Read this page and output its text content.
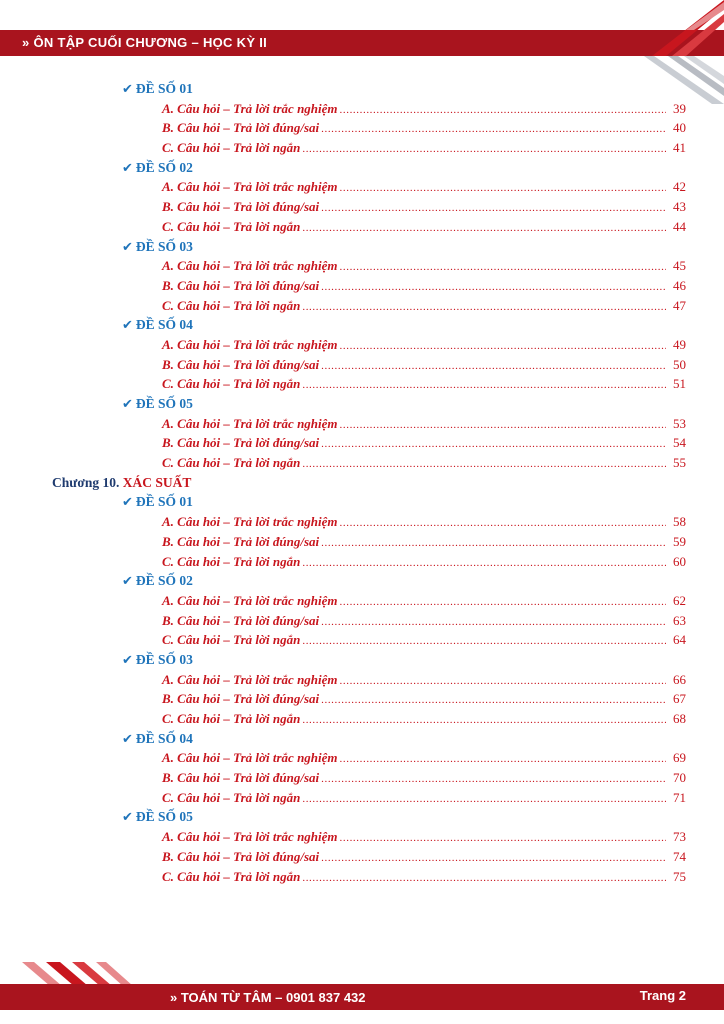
» ÔN TẬP CUỐI CHƯƠNG – HỌC KỲ II
✔ ĐỀ SỐ 01
A. Câu hỏi – Trả lời trắc nghiệm .....	39
B. Câu hỏi – Trả lời đúng/sai .....	40
C. Câu hỏi – Trả lời ngắn .....	41
✔ ĐỀ SỐ 02
A. Câu hỏi – Trả lời trắc nghiệm .....	42
B. Câu hỏi – Trả lời đúng/sai .....	43
C. Câu hỏi – Trả lời ngắn .....	44
✔ ĐỀ SỐ 03
A. Câu hỏi – Trả lời trắc nghiệm .....	45
B. Câu hỏi – Trả lời đúng/sai .....	46
C. Câu hỏi – Trả lời ngắn .....	47
✔ ĐỀ SỐ 04
A. Câu hỏi – Trả lời trắc nghiệm .....	49
B. Câu hỏi – Trả lời đúng/sai .....	50
C. Câu hỏi – Trả lời ngắn .....	51
✔ ĐỀ SỐ 05
A. Câu hỏi – Trả lời trắc nghiệm .....	53
B. Câu hỏi – Trả lời đúng/sai .....	54
C. Câu hỏi – Trả lời ngắn .....	55
Chương 10. XÁC SUẤT
✔ ĐỀ SỐ 01
A. Câu hỏi – Trả lời trắc nghiệm .....	58
B. Câu hỏi – Trả lời đúng/sai .....	59
C. Câu hỏi – Trả lời ngắn .....	60
✔ ĐỀ SỐ 02
A. Câu hỏi – Trả lời trắc nghiệm .....	62
B. Câu hỏi – Trả lời đúng/sai .....	63
C. Câu hỏi – Trả lời ngắn .....	64
✔ ĐỀ SỐ 03
A. Câu hỏi – Trả lời trắc nghiệm .....	66
B. Câu hỏi – Trả lời đúng/sai .....	67
C. Câu hỏi – Trả lời ngắn .....	68
✔ ĐỀ SỐ 04
A. Câu hỏi – Trả lời trắc nghiệm .....	69
B. Câu hỏi – Trả lời đúng/sai .....	70
C. Câu hỏi – Trả lời ngắn .....	71
✔ ĐỀ SỐ 05
A. Câu hỏi – Trả lời trắc nghiệm .....	73
B. Câu hỏi – Trả lời đúng/sai .....	74
C. Câu hỏi – Trả lời ngắn .....	75
» TOÁN TỪ TÂM – 0901 837 432	Trang 2
